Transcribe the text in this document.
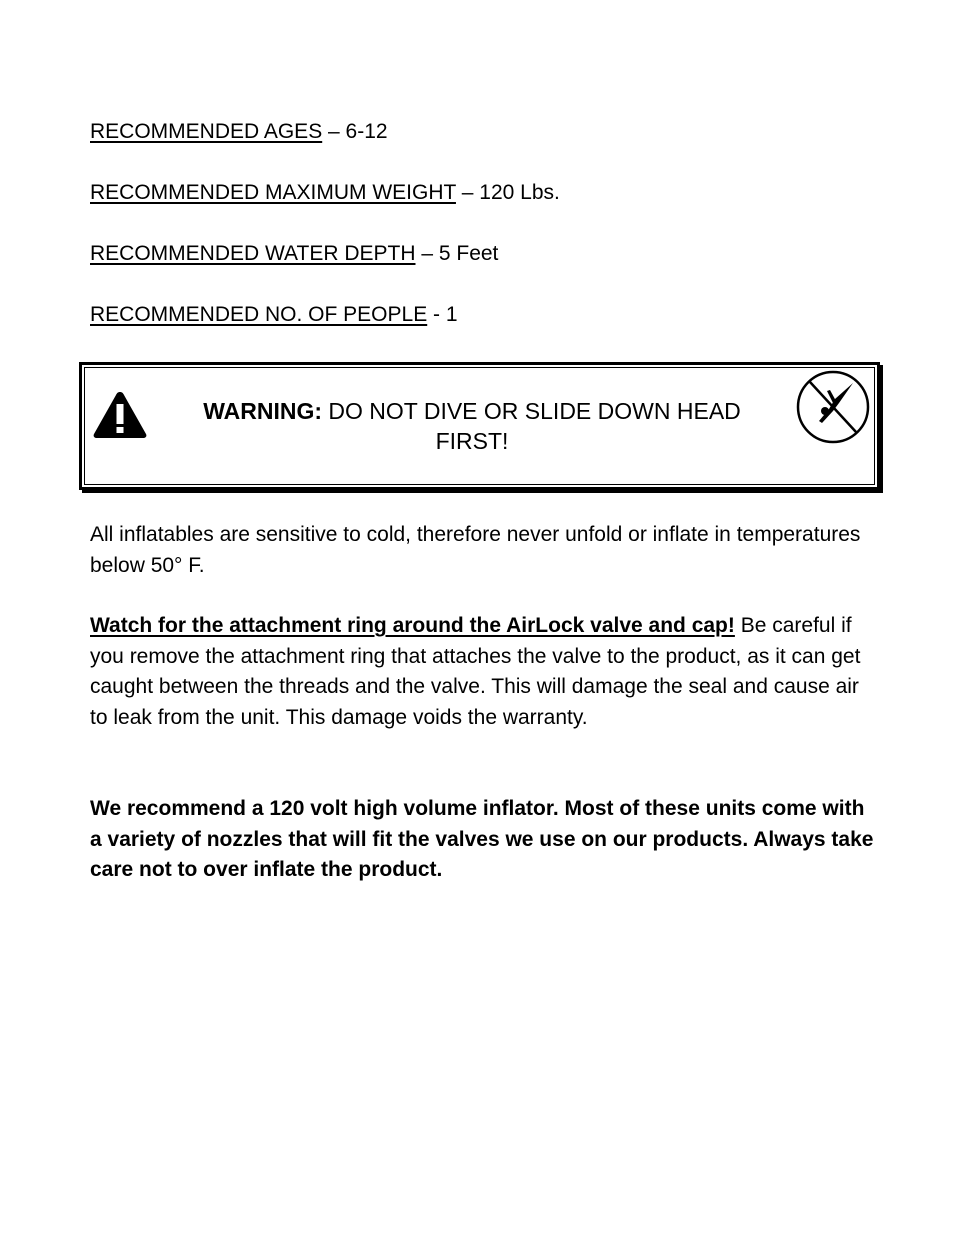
RECOMMENDED AGES – 6-12
RECOMMENDED MAXIMUM WEIGHT – 120 Lbs.
RECOMMENDED WATER DEPTH – 5 Feet
RECOMMENDED NO. OF PEOPLE - 1
WARNING: DO NOT DIVE OR SLIDE DOWN HEAD FIRST!
All inflatables are sensitive to cold, therefore never unfold or inflate in temperatures below 50° F.
Watch for the attachment ring around the AirLock valve and cap! Be careful if you remove the attachment ring that attaches the valve to the product, as it can get caught between the threads and the valve. This will damage the seal and cause air to leak from the unit. This damage voids the warranty.
We recommend a 120 volt high volume inflator. Most of these units come with a variety of nozzles that will fit the valves we use on our products. Always take care not to over inflate the product.
